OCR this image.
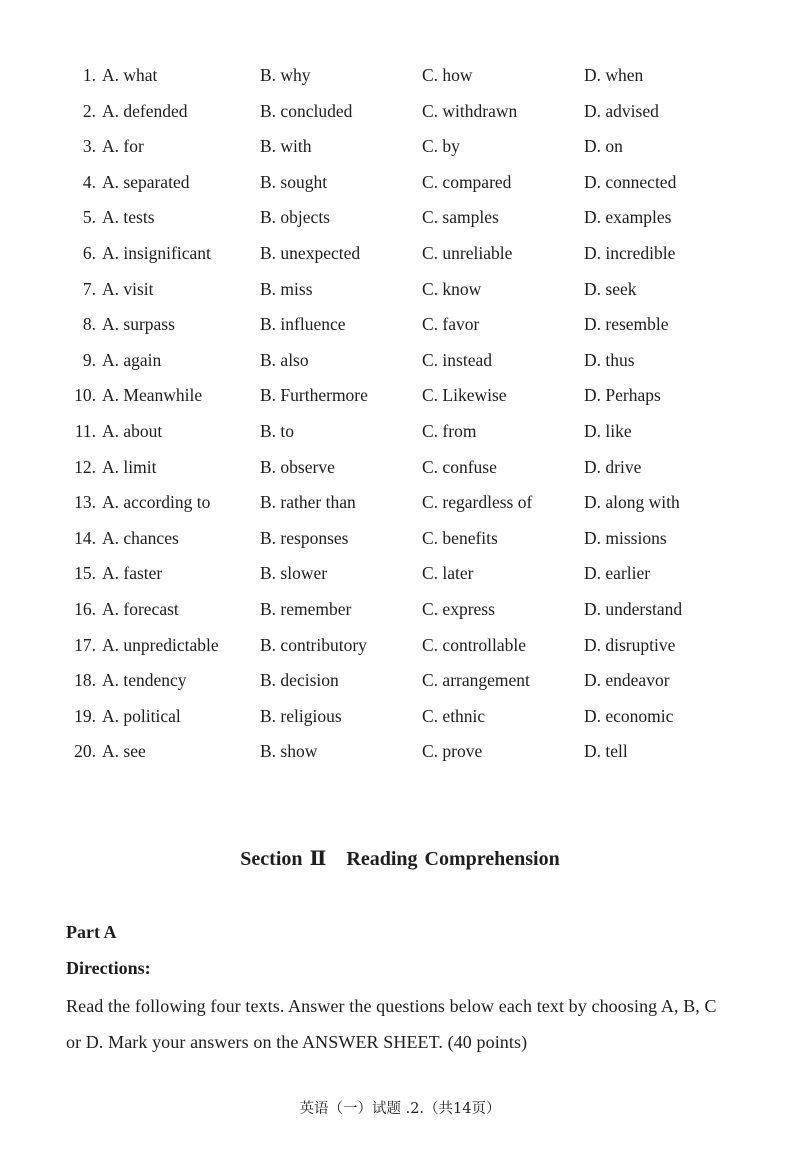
1. A. what	B. why	C. how	D. when
2. A. defended	B. concluded	C. withdrawn	D. advised
3. A. for	B. with	C. by	D. on
4. A. separated	B. sought	C. compared	D. connected
5. A. tests	B. objects	C. samples	D. examples
6. A. insignificant	B. unexpected	C. unreliable	D. incredible
7. A. visit	B. miss	C. know	D. seek
8. A. surpass	B. influence	C. favor	D. resemble
9. A. again	B. also	C. instead	D. thus
10. A. Meanwhile	B. Furthermore	C. Likewise	D. Perhaps
11. A. about	B. to	C. from	D. like
12. A. limit	B. observe	C. confuse	D. drive
13. A. according to	B. rather than	C. regardless of	D. along with
14. A. chances	B. responses	C. benefits	D. missions
15. A. faster	B. slower	C. later	D. earlier
16. A. forecast	B. remember	C. express	D. understand
17. A. unpredictable B. contributory	C. controllable	D. disruptive
18. A. tendency	B. decision	C. arrangement	D. endeavor
19. A. political	B. religious	C. ethnic	D. economic
20. A. see	B. show	C. prove	D. tell
Section Ⅱ Reading Comprehension
Part A
Directions:
Read the following four texts. Answer the questions below each text by choosing A, B, C or D. Mark your answers on the ANSWER SHEET. (40 points)
英语（一）试题 .2.（共14页）
